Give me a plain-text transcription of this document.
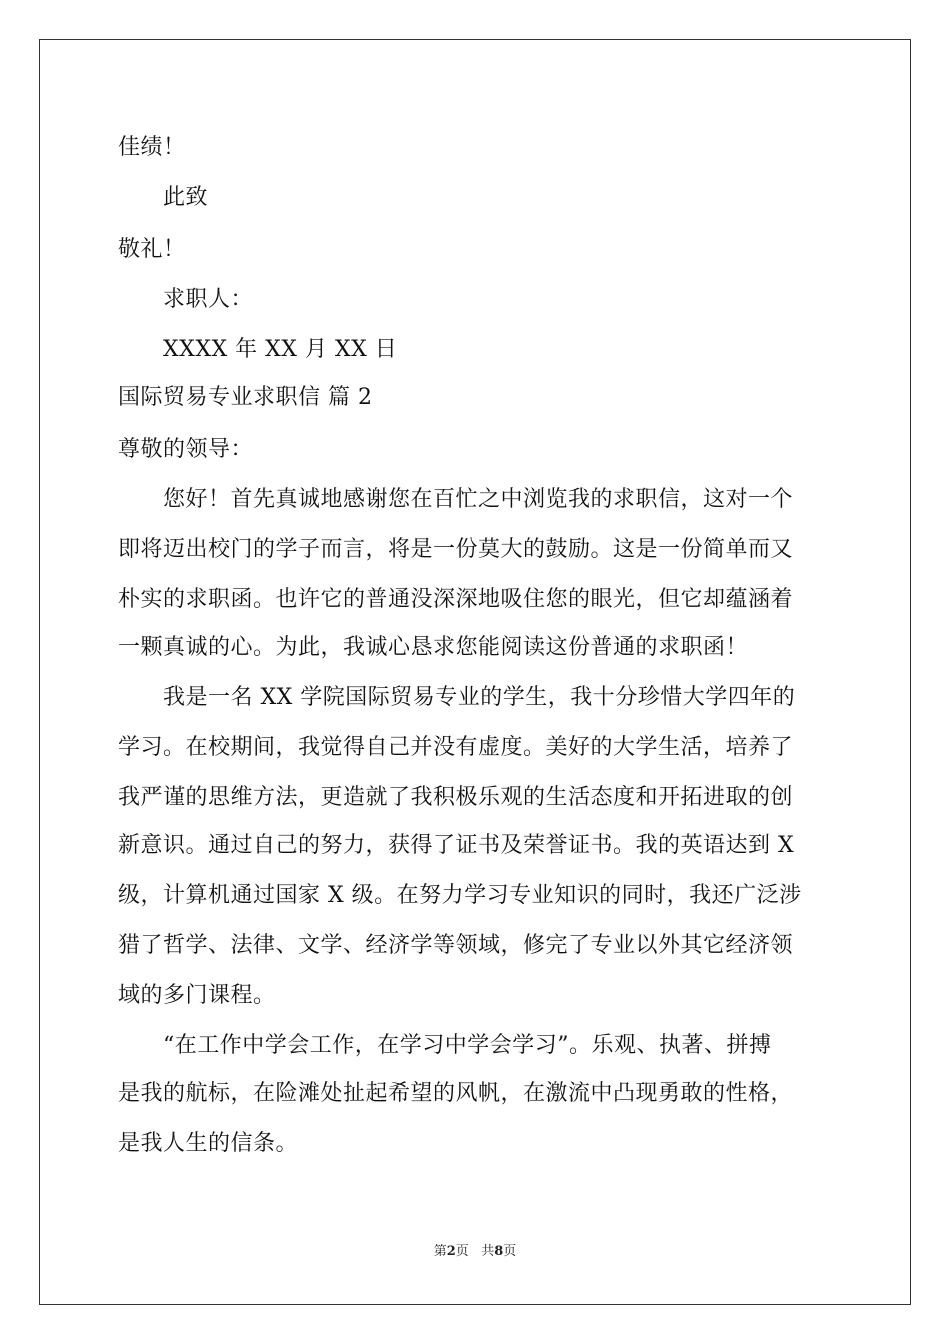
佳绩！
此致
敬礼！
求职人：
XXXX 年 XX 月 XX 日
国际贸易专业求职信 篇 2
尊敬的领导：
您好！首先真诚地感谢您在百忙之中浏览我的求职信，这对一个
即将迈出校门的学子而言，将是一份莫大的鼓励。这是一份简单而又
朴实的求职函。也许它的普通没深深地吸住您的眼光，但它却蕴涵着
一颗真诚的心。为此，我诚心恳求您能阅读这份普通的求职函！
我是一名 XX 学院国际贸易专业的学生，我十分珍惜大学四年的
学习。在校期间，我觉得自己并没有虚度。美好的大学生活，培养了
我严谨的思维方法，更造就了我积极乐观的生活态度和开拓进取的创
新意识。通过自己的努力，获得了证书及荣誉证书。我的英语达到 X
级，计算机通过国家 X 级。在努力学习专业知识的同时，我还广泛涉
猎了哲学、法律、文学、经济学等领域，修完了专业以外其它经济领
域的多门课程。
“在工作中学会工作，在学习中学会学习”。乐观、执著、拼搏
是我的航标，在险滩处扯起希望的风帆，在激流中凸现勇敢的性格，
是我人生的信条。
第2页 共8页
